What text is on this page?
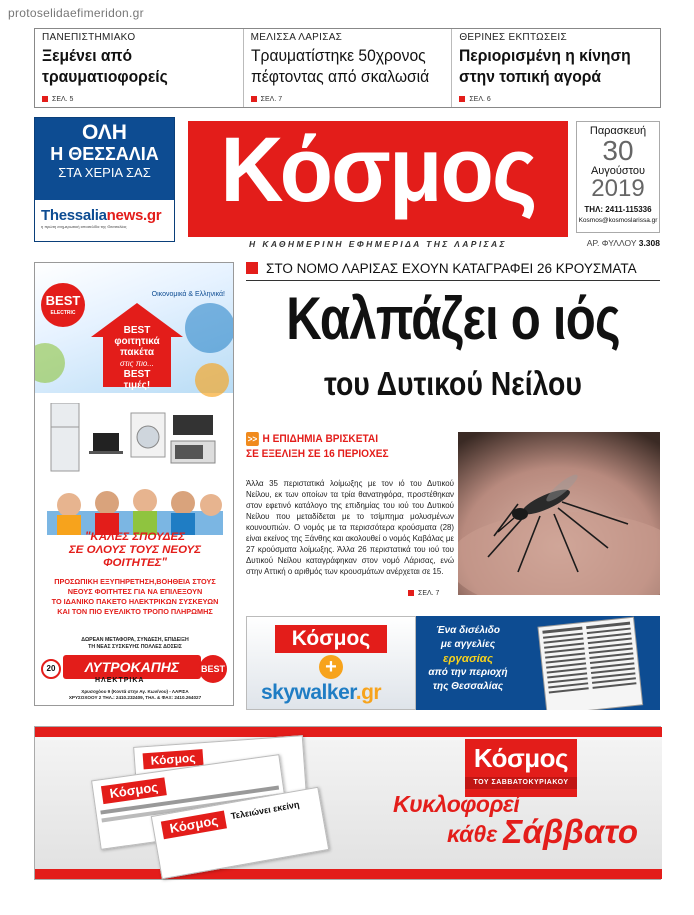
protoselidaefimeridon.gr
ΠΑΝΕΠΙΣΤΗΜΙΑΚΟ
Ξεμένει από τραυματιοφορείς
ΣΕΛ. 5
ΜΕΛΙΣΣΑ ΛΑΡΙΣΑΣ
Τραυματίστηκε 50χρονος πέφτοντας από σκαλωσιά
ΣΕΛ. 7
ΘΕΡΙΝΕΣ ΕΚΠΤΩΣΕΙΣ
Περιορισμένη η κίνηση στην τοπική αγορά
ΣΕΛ. 6
ΟΛΗ
Η ΘΕΣΣΑΛΙΑ
ΣΤΑ ΧΕΡΙΑ ΣΑΣ
Thessalianews.gr
η πρώτη ενημερωτική ιστοσελίδα της Θεσσαλίας
Κόσμος
Η ΚΑΘΗΜΕΡΙΝΗ ΕΦΗΜΕΡΙΔΑ ΤΗΣ ΛΑΡΙΣΑΣ
Παρασκευή
30
Αυγούστου
2019
ΤΗΛ: 2411-115336
Kosmos@kosmoslarissa.gr
ΑΡ. ΦΥΛΛΟΥ 3.308
BEST
ELECTRIC
Οικονομικά & Ελληνικά!
BEST
φοιτητικά
πακέτα
στις πιο...
BEST
τιμές!
"ΚΑΛΕΣ ΣΠΟΥΔΕΣ
ΣΕ ΟΛΟΥΣ ΤΟΥΣ ΝΕΟΥΣ
ΦΟΙΤΗΤΕΣ"
ΠΡΟΣΩΠΙΚΗ ΕΞΥΠΗΡΕΤΗΣΗ,ΒΟΗΘΕΙΑ ΣΤΟΥΣ
ΝΕΟΥΣ ΦΟΙΤΗΤΕΣ ΓΙΑ ΝΑ ΕΠΙΛΕΞΟΥΝ
ΤΟ ΙΔΑΝΙΚΟ ΠΑΚΕΤΟ ΗΛΕΚΤΡΙΚΩΝ ΣΥΣΚΕΥΩΝ
ΚΑΙ ΤΟΝ ΠΙΟ ΕΥΕΛΙΚΤΟ ΤΡΟΠΟ ΠΛΗΡΩΜΗΣ
ΔΩΡΕΑΝ ΜΕΤΑΦΟΡΑ, ΣΥΝΔΕΣΗ, ΕΠΙΔΕΙΞΗ
ΤΗ ΝΕΑΣ ΣΥΣΚΕΥΗΣ ΠΟΛΛΕΣ ΔΟΣΕΙΣ
20	ΛΥΤΡΟΚΑΠΗΣ
ΗΛΕΚΤΡΙΚΑ
BEST
Χρυσοχόου 9 (Κοντά στην Αγ. Κων/νου) - ΛΑΡΙΣΑ
ΧΡΥΣΟΧΟΟΥ 2 ΤΗΛ.: 2410.232409, ΤΗΛ. & ΦΑΞ: 2410.264027
ΣΤΟ ΝΟΜΟ ΛΑΡΙΣΑΣ ΕΧΟΥΝ ΚΑΤΑΓΡΑΦΕΙ 26 ΚΡΟΥΣΜΑΤΑ
Καλπάζει ο ιός
του Δυτικού Νείλου
>> Η ΕΠΙΔΗΜΙΑ ΒΡΙΣΚΕΤΑΙ
ΣΕ ΕΞΕΛΙΞΗ ΣΕ 16 ΠΕΡΙΟΧΕΣ
Άλλα 35 περιστατικά λοίμωξης με τον ιό του Δυτικού Νείλου, εκ των οποίων τα τρία θανατηφόρα, προστέθηκαν στον εφετινό κατάλογο της επιδημίας του ιού του Δυτικού Νείλου που μεταδίδεται με το τσίμπημα μολυσμένων κουνουπιών. Ο νομός με τα περισσότερα κρούσματα (28) είναι εκείνος της Ξάνθης και ακολουθεί ο νομός Καβάλας με 27 κρούσματα λοίμωξης. Άλλα 26 περιστατικά του ιού του Δυτικού Νείλου καταγράφηκαν στον νομό Λάρισας, ενώ στην Αττική ο αριθμός των κρουσμάτων ανέρχεται σε 15.
ΣΕΛ. 7
Κόσμος
+
skywalker.gr
Ένα δισέλιδο
με αγγελίες
εργασίας
από την περιοχή
της Θεσσαλίας
Κόσμος
Κόσμος
Κόσμος
Τελειώνει εκείνη
Κόσμος
ΤΟΥ ΣΑΒΒΑΤΟΚΥΡΙΑΚΟΥ
Κυκλοφορεί
κάθε Σάββατο
